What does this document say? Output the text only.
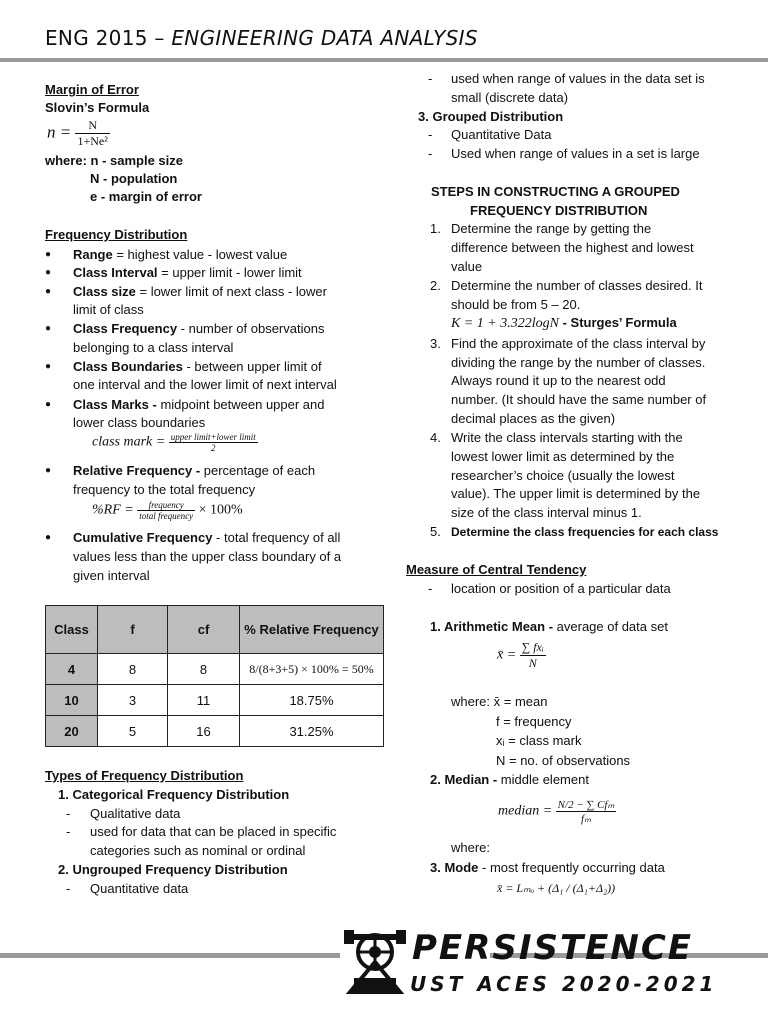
ENG 2015 – ENGINEERING DATA ANALYSIS
Margin of Error
Slovin’s Formula
$n = \frac{N}{\text{1+Ne²}}$
where: n - sample size
N - population
e - margin of error
Frequency Distribution
● Range = highest value - lowest value
● Class Interval = upper limit - lower limit
● Class size = lower limit of next class - lower
limit of class
● Class Frequency - number of observations
belonging to a class interval
● Class Boundaries - between upper limit of
one interval and the lower limit of next interval
● Class Marks - midpoint between upper and
lower class boundaries
class mark = $\frac{\text{upper limit+lower limit}}{2}$
● Relative Frequency - percentage of each
frequency to the total frequency
$\%RF = \frac{\text{frequency}}{\text{total frequency}} \times 100\%$
● Cumulative Frequency - total frequency of all
values less than the upper class boundary of a
given interval
Class	f	cf	% Relative Frequency
4	8	8	8/(8+3+5) × 100% = 50%
10	3	11	18.75%
20	5	16	31.25%
Types of Frequency Distribution
1. Categorical Frequency Distribution
- Qualitative data
- used for data that can be placed in specific
categories such as nominal or ordinal
2. Ungrouped Frequency Distribution
- Quantitative data
- used when range of values in the data set is
small (discrete data)
3. Grouped Distribution
- Quantitative Data
- Used when range of values in a set is large
STEPS IN CONSTRUCTING A GROUPED
FREQUENCY DISTRIBUTION
1. Determine the range by getting the
difference between the highest and lowest
value
2. Determine the number of classes desired. It
should be from 5 – 20.
K = 1 + 3.322logN - Sturges’ Formula
3. Find the approximate of the class interval by
dividing the range by the number of classes.
Always round it up to the nearest odd
number. (It should have the same number of
decimal places as the given)
4. Write the class intervals starting with the
lowest lower limit as determined by the
researcher’s choice (usually the lowest
value). The upper limit is determined by the
size of the class interval minus 1.
5. Determine the class frequencies for each class
Measure of Central Tendency
- location or position of a particular data
1. Arithmetic Mean - average of data set
x̄ = $\frac{\text{∑ fxᵢ}}{N}$
where: x̄ = mean
f = frequency
xᵢ = class mark
N = no. of observations
2. Median - middle element
median = $\frac{\text{N/2 − ∑ Cfₘ}}{\text{fₘ}}$
where:
3. Mode - most frequently occurring data
x̄ = Lₘₒ + (Δ₁ / (Δ₁+Δ₂))
PERSISTENCE
UST ACES 2020-2021
